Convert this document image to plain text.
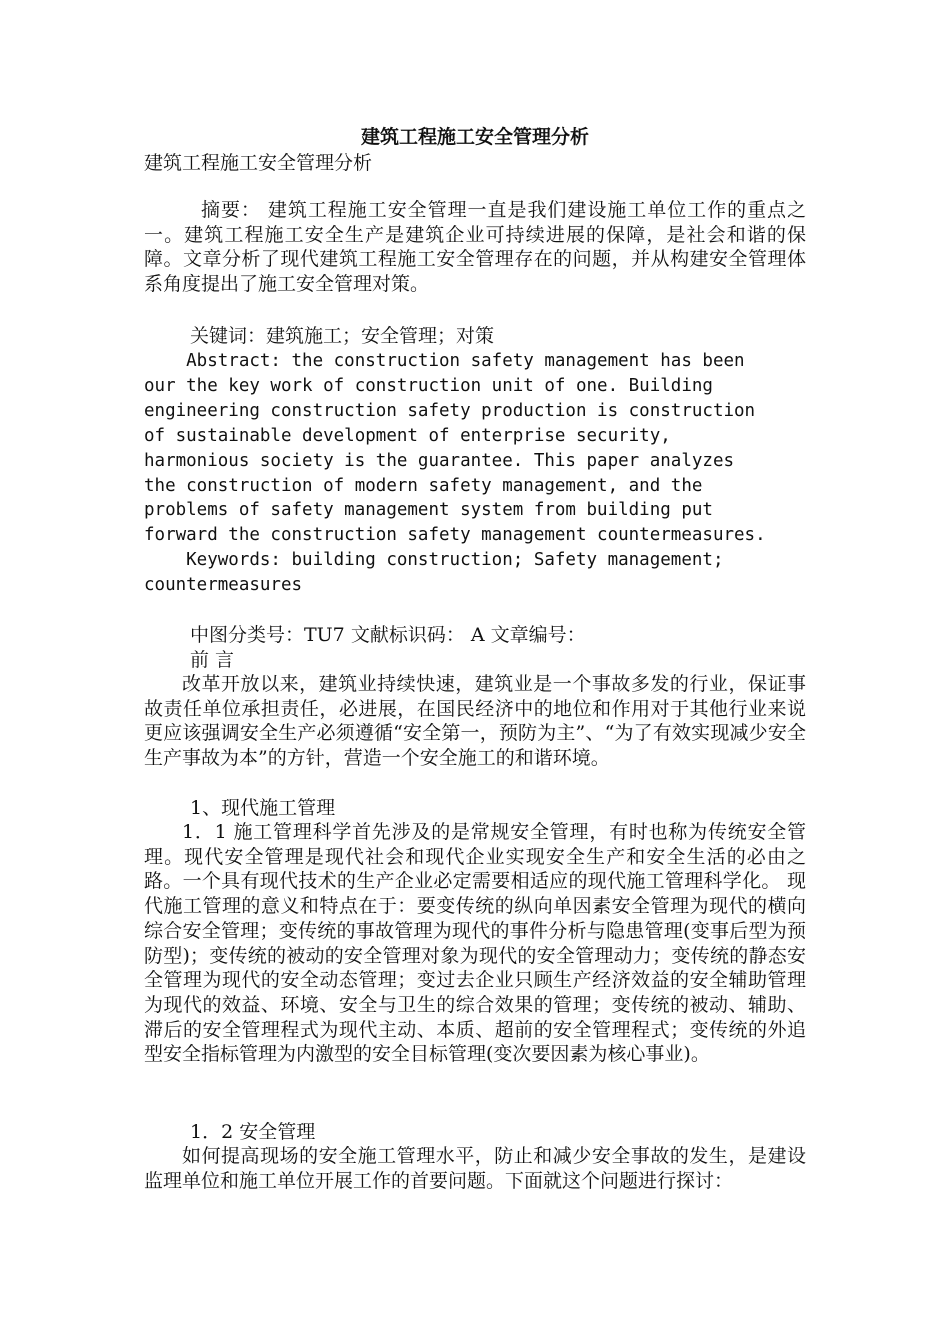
建筑工程施工安全管理分析
建筑工程施工安全管理分析
摘要： 建筑工程施工安全管理一直是我们建设施工单位工作的重点之一。建筑工程施工安全生产是建筑企业可持续进展的保障，是社会和谐的保障。文章分析了现代建筑工程施工安全管理存在的问题，并从构建安全管理体系角度提出了施工安全管理对策。
关键词：建筑施工；安全管理；对策
Abstract: the construction safety management has been
our the key work of construction unit of one. Building
engineering construction safety production is construction
of sustainable development of enterprise security,
harmonious society is the guarantee. This paper analyzes
the construction of modern safety management, and the
problems of safety management system from building put
forward the construction safety management countermeasures.
Keywords: building construction; Safety management;
countermeasures
中图分类号：TU7 文献标识码： A 文章编号：
前 言
改革开放以来，建筑业持续快速，建筑业是一个事故多发的行业，保证事故责任单位承担责任，必进展，在国民经济中的地位和作用对于其他行业来说更应该强调安全生产必须遵循“安全第一，预防为主”、“为了有效实现减少安全生产事故为本”的方针，营造一个安全施工的和谐环境。
1、现代施工管理
1．1 施工管理科学首先涉及的是常规安全管理，有时也称为传统安全管理。现代安全管理是现代社会和现代企业实现安全生产和安全生活的必由之路。一个具有现代技术的生产企业必定需要相适应的现代施工管理科学化。 现代施工管理的意义和特点在于：要变传统的纵向单因素安全管理为现代的横向综合安全管理；变传统的事故管理为现代的事件分析与隐患管理(变事后型为预防型)；变传统的被动的安全管理对象为现代的安全管理动力；变传统的静态安全管理为现代的安全动态管理；变过去企业只顾生产经济效益的安全辅助管理为现代的效益、环境、安全与卫生的综合效果的管理；变传统的被动、辅助、滞后的安全管理程式为现代主动、本质、超前的安全管理程式；变传统的外追型安全指标管理为内激型的安全目标管理(变次要因素为核心事业)。
1．2 安全管理
如何提高现场的安全施工管理水平，防止和减少安全事故的发生，是建设监理单位和施工单位开展工作的首要问题。下面就这个问题进行探讨：
